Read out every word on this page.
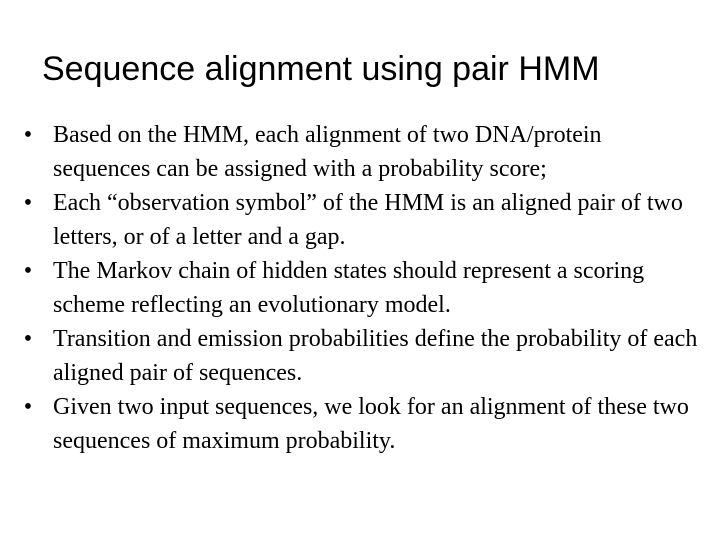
Sequence alignment using pair HMM
• Based on the HMM, each alignment of two DNA/protein sequences can be assigned with a probability score;
• Each “observation symbol” of the HMM is an aligned pair of two letters, or of a letter and a gap.
• The Markov chain of hidden states should represent a scoring scheme reflecting an evolutionary model.
• Transition and emission probabilities define the probability of each aligned pair of sequences.
• Given two input sequences, we look for an alignment of these two sequences of maximum probability.
